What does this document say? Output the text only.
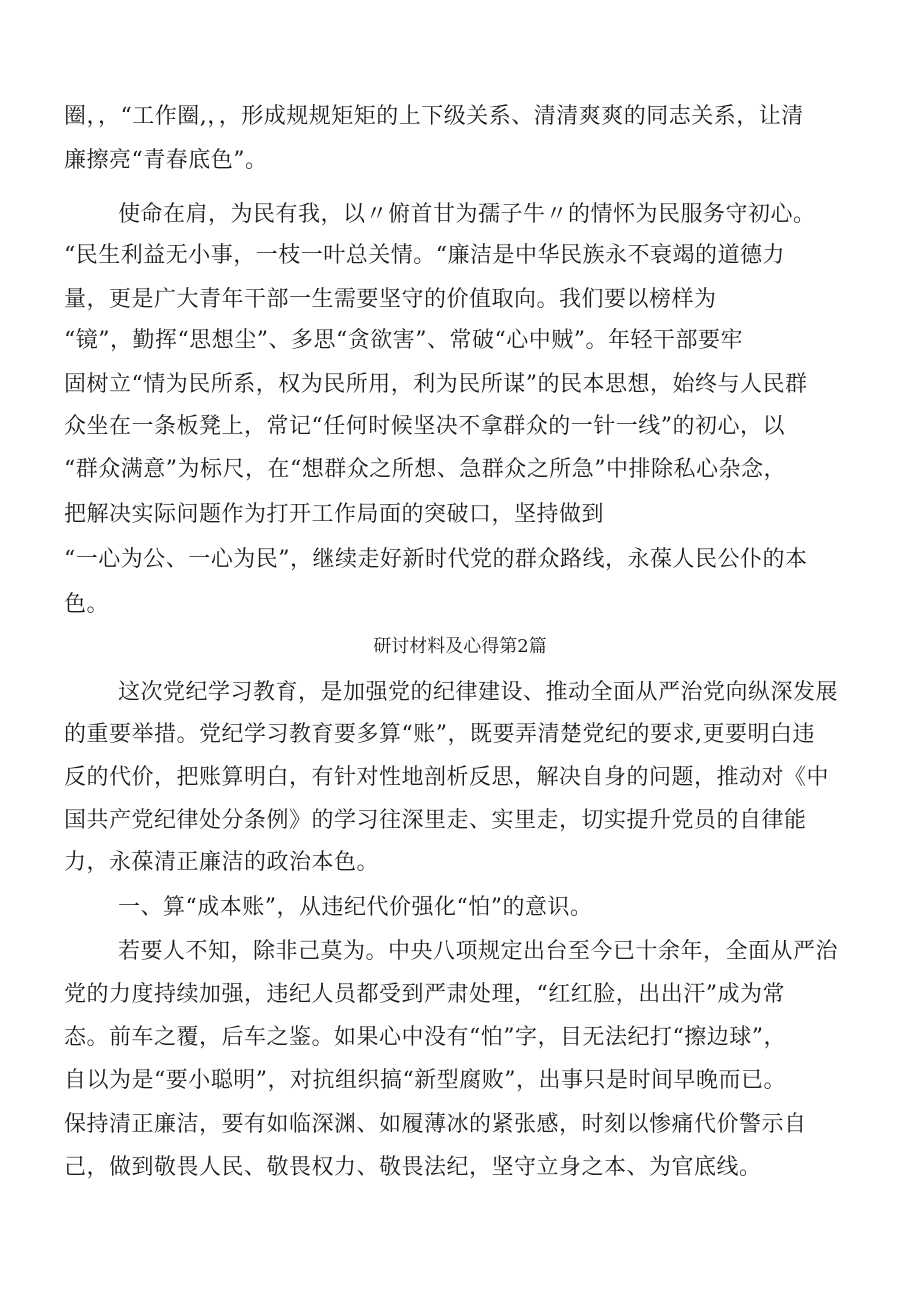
圈，，“工作圈,，，形成规规矩矩的上下级关系、清清爽爽的同志关系，让清
廉擦亮“青春底色”。
使命在肩，为民有我，以〃俯首甘为孺子牛〃的情怀为民服务守初心。
“民生利益无小事，一枝一叶总关情。“廉洁是中华民族永不衰竭的道德力
量，更是广大青年干部一生需要坚守的价值取向。我们要以榜样为
“镜”，勤挥“思想尘”、多思“贪欲害”、常破“心中贼”。年轻干部要牢
固树立“情为民所系，权为民所用，利为民所谋”的民本思想，始终与人民群
众坐在一条板凳上，常记“任何时候坚决不拿群众的一针一线”的初心，以
“群众满意”为标尺，在“想群众之所想、急群众之所急”中排除私心杂念，
把解决实际问题作为打开工作局面的突破口，坚持做到
“一心为公、一心为民”，继续走好新时代党的群众路线，永葆人民公仆的本
色。
研讨材料及心得第2篇
这次党纪学习教育，是加强党的纪律建设、推动全面从严治党向纵深发展
的重要举措。党纪学习教育要多算“账”，既要弄清楚党纪的要求,更要明白违
反的代价，把账算明白，有针对性地剖析反思，解决自身的问题，推动对《中
国共产党纪律处分条例》的学习往深里走、实里走，切实提升党员的自律能
力，永葆清正廉洁的政治本色。
一、算“成本账”，从违纪代价强化“怕”的意识。
若要人不知，除非己莫为。中央八项规定出台至今已十余年，全面从严治
党的力度持续加强，违纪人员都受到严肃处理，“红红脸，出出汗”成为常
态。前车之覆，后车之鉴。如果心中没有“怕”字，目无法纪打“擦边球”，
自以为是“要小聪明”，对抗组织搞“新型腐败”，出事只是时间早晚而已。
保持清正廉洁，要有如临深渊、如履薄冰的紧张感，时刻以惨痛代价警示自
己，做到敬畏人民、敬畏权力、敬畏法纪，坚守立身之本、为官底线。
